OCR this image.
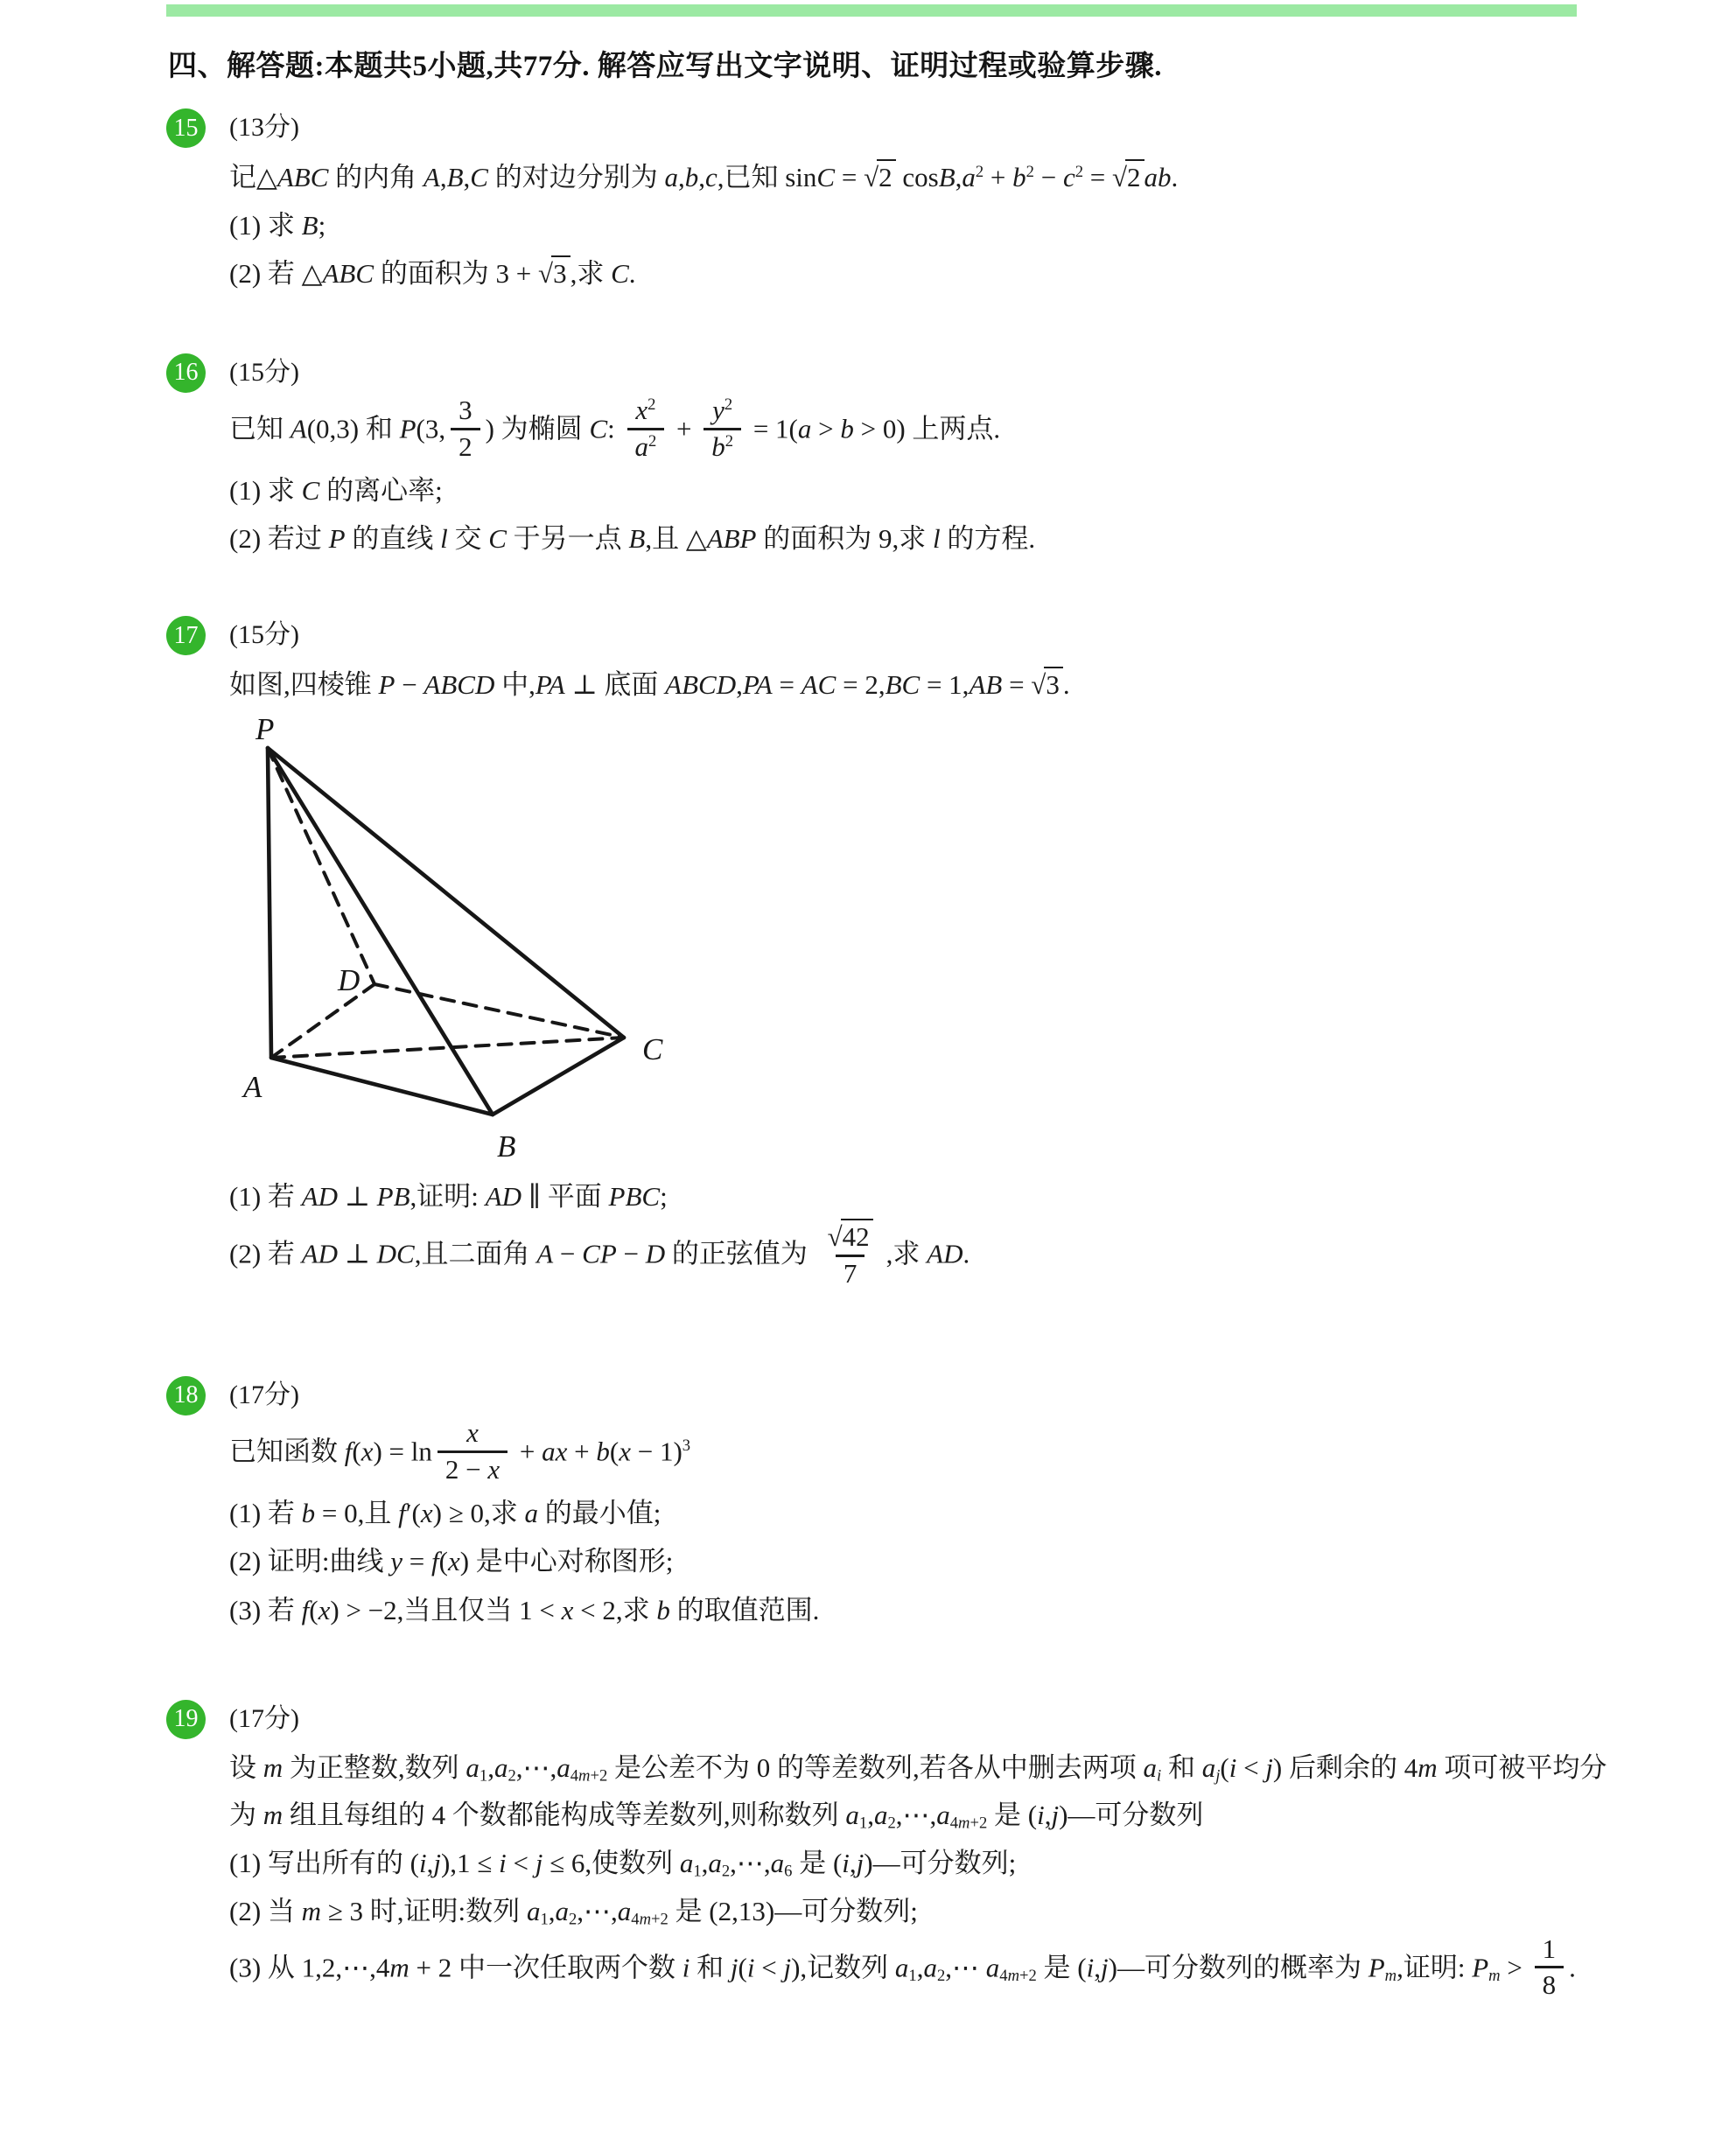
四、解答题:本题共5小题,共77分. 解答应写出文字说明、证明过程或验算步骤.
15 (13分)
记△ABC 的内角 A,B,C 的对边分别为 a,b,c,已知 sinC = √2 $\cos B,a^2 + b^2 - c^2 = √2$ ab.
(1) 求 B;
(2) 若 △ABC 的面积为 3 + √3 ,求 C.
16 (15分)
已知 A(0,3) 和 P(3, $\frac{3}{2}$ ) 为椭圆 C: $\frac{x^2}{a^2} + \frac{y^2}{b^2} = 1(a > b > 0)$ 上两点.
(1) 求 C 的离心率;
(2) 若过 P 的直线 l 交 C 于另一点 B,且 △ABP 的面积为 9,求 l 的方程.
17 (15分)
如图,四棱锥 P − ABCD 中,PA ⊥ 底面 ABCD,PA = AC = 2,BC = 1,AB = √3 .
P
A
B
C
D
(1) 若 AD ⊥ PB,证明: AD ∥ 平面 PBC;
(2) 若 AD ⊥ DC,且二面角 A − CP − D 的正弦值为 $\frac{√42}{7}$ ,求 AD.
18 (17分)
已知函数 $f(x) = \ln \frac{x}{2 - x}$ + ax + $b(x - 1)^3$
(1) 若 b = 0,且 f′(x) ≥ 0,求 a 的最小值;
(2) 证明:曲线 y = f(x) 是中心对称图形;
(3) 若 f(x) > −2,当且仅当 1 < x < 2,求 b 的取值范围.
19 (17分)
设 m 为正整数,数列 $a_1,a_2,\cdots,a_{4m+2}$ 是公差不为 0 的等差数列,若各从中删去两项 $a_i$ 和 $a_j(i < j)$ 后剩余的 4m 项可被平均分为 m 组且每组的 4 个数都能构成等差数列,则称数列 $a_1,a_2,\cdots,a_{4m+2}$ 是 (i,j)—可分数列
(1) 写出所有的 (i,j),1 ≤ i < j ≤ 6,使数列 $a_1,a_2,\cdots,a_6$ 是 (i,j)—可分数列;
(2) 当 m ≥ 3 时,证明:数列 $a_1,a_2,\cdots,a_{4m+2}$ 是 (2,13)—可分数列;
(3) 从 1,2,⋯,4m + 2 中一次任取两个数 i 和 j(i < j),记数列 $a_1,a_2,\cdots$ $a_{4m+2}$ 是 (i,j)—可分数列的概率为 $P_m$,证明: $P_m > \frac{1}{8}$ .
